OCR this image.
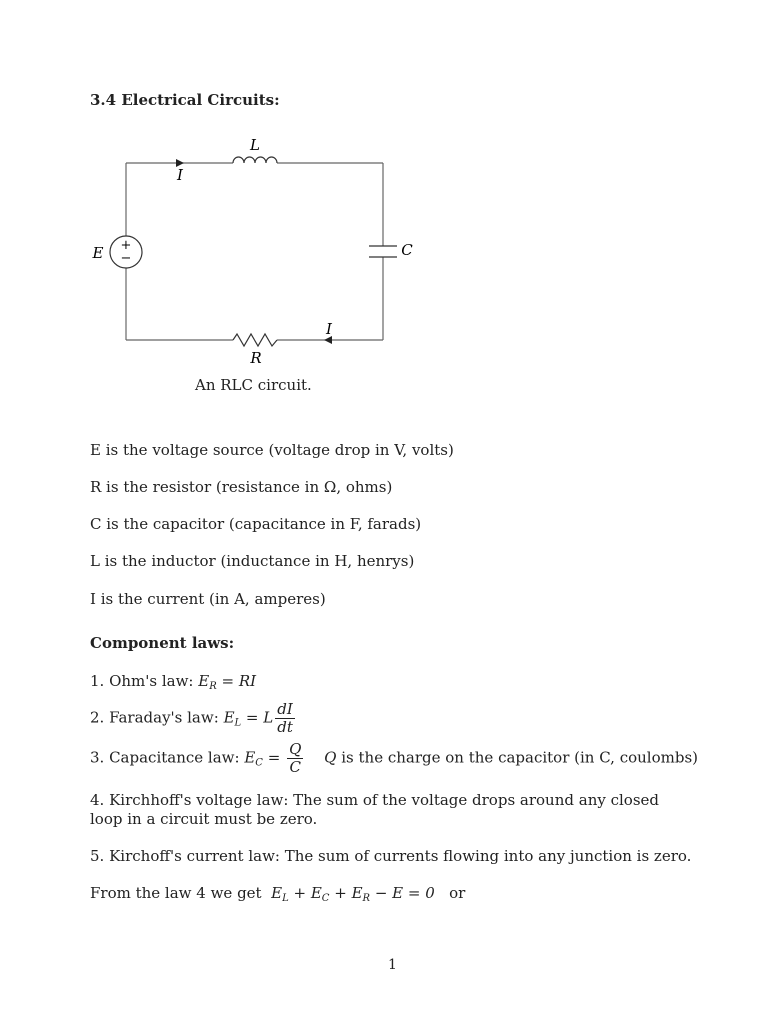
3.4 Electrical Circuits:
+
−
L
I
E	C
I
R
An RLC circuit.
E is the voltage source (voltage drop in V, volts)
R is the resistor (resistance in Ω, ohms)
C is the capacitor (capacitance in F, farads)
L is the inductor (inductance in H, henrys)
I is the current (in A, amperes)
Component laws:
1. Ohm's law: $E_R$ = RI
2. Faraday's law: $E_L = L \frac{dI}{dt}$
3. Capacitance law: $E_C = \frac{Q}{C}$ Q is the charge on the capacitor (in C, coulombs)
4. Kirchhoff's voltage law: The sum of the voltage drops around any closed loop in a circuit must be zero.
5. Kirchoff's current law: The sum of currents flowing into any junction is zero.
From the law 4 we get $E_L + E_C + E_R - E = 0$ or
1
